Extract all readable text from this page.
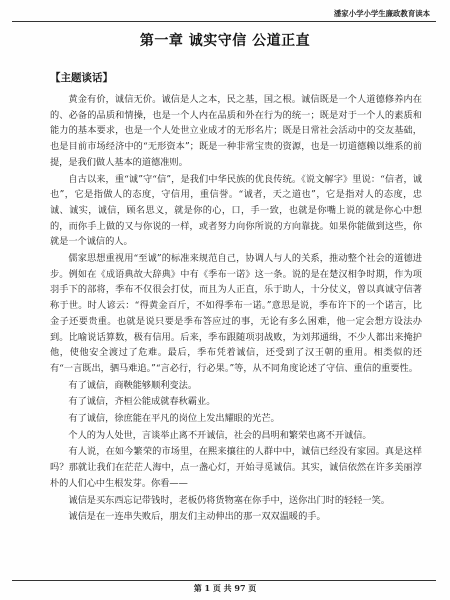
潘家小学小学生廉政教育读本
第一章 诚实守信 公道正直
【主题谈话】

黄金有价，诚信无价。诚信是人之本，民之基，国之根。诚信既是一个人道德修养内在的、必备的品质和情操，也是一个人内在品质和外在行为的统一；既是对于一个人的素质和能力的基本要求，也是一个人处世立业成才的无形名片；既是日常社会活动中的交友基础，也是目前市场经济中的“无形资本”；既是一种非常宝贵的资源，也是一切道德赖以维系的前提，是我们做人基本的道德准则。

自古以来，重“诚”守“信”，是我们中华民族的优良传统。《说文解字》里说：“信者，诚也”，它是指做人的态度，守信用，重信誉。“诚者，天之道也”，它是指对人的态度，忠诚、诚实，诚信，顾名思义，就是你的心，口，手一致，也就是你嘴上说的就是你心中想的，而你手上做的又与你说的一样，或者努力向你所说的方向靠拢。如果你能做到这些，你就是一个诚信的人。

儒家思想重视用“至诚”的标准来规范自己，协调人与人的关系，推动整个社会的道德进步。例如在《成语典故大辞典》中有《季布一诺》这一条。说的是在楚汉相争时期，作为项羽手下的部将，季布不仅很会打仗，而且为人正直，乐于助人，十分仗义，曾以真诚守信著称于世。时人谚云：“得黄金百斤，不如得季布一诺。”意思是说，季布许下的一个诺言，比金子还要贵重。也就是说只要是季布答应过的事，无论有多么困难，他一定会想方设法办到。比喻说话算数，极有信用。后来，季布跟随项羽战败，为刘邦通缉，不少人都出来掩护他，使他安全渡过了危难。最后，季布凭着诚信，还受到了汉王朝的重用。相类似的还有“一言既出，驷马难追。”“言必行，行必果。”等，从不同角度论述了守信、重信的重要性。

有了诚信，商鞅能够顺利变法。

有了诚信，齐桓公能成就春秋霸业。

有了诚信，徐庶能在平凡的岗位上发出耀眼的光芒。

个人的为人处世，言谈举止离不开诚信，社会的昌明和繁荣也离不开诚信。

有人说，在如今繁荣的市场里，在熙来攘往的人群中中，诚信已经没有家园。真是这样吗？那就让我们在茫茫人海中，点一盏心灯，开始寻觅诚信。其实，诚信依然在许多美丽淳朴的人们心中生根发芽。你看——

诚信是买东西忘记带钱时，老板仍将货物塞在你手中，送你出门时的轻轻一笑。

诚信是在一连串失败后，朋友们主动伸出的那一双双温暖的手。

第 1 页 共 97 页
